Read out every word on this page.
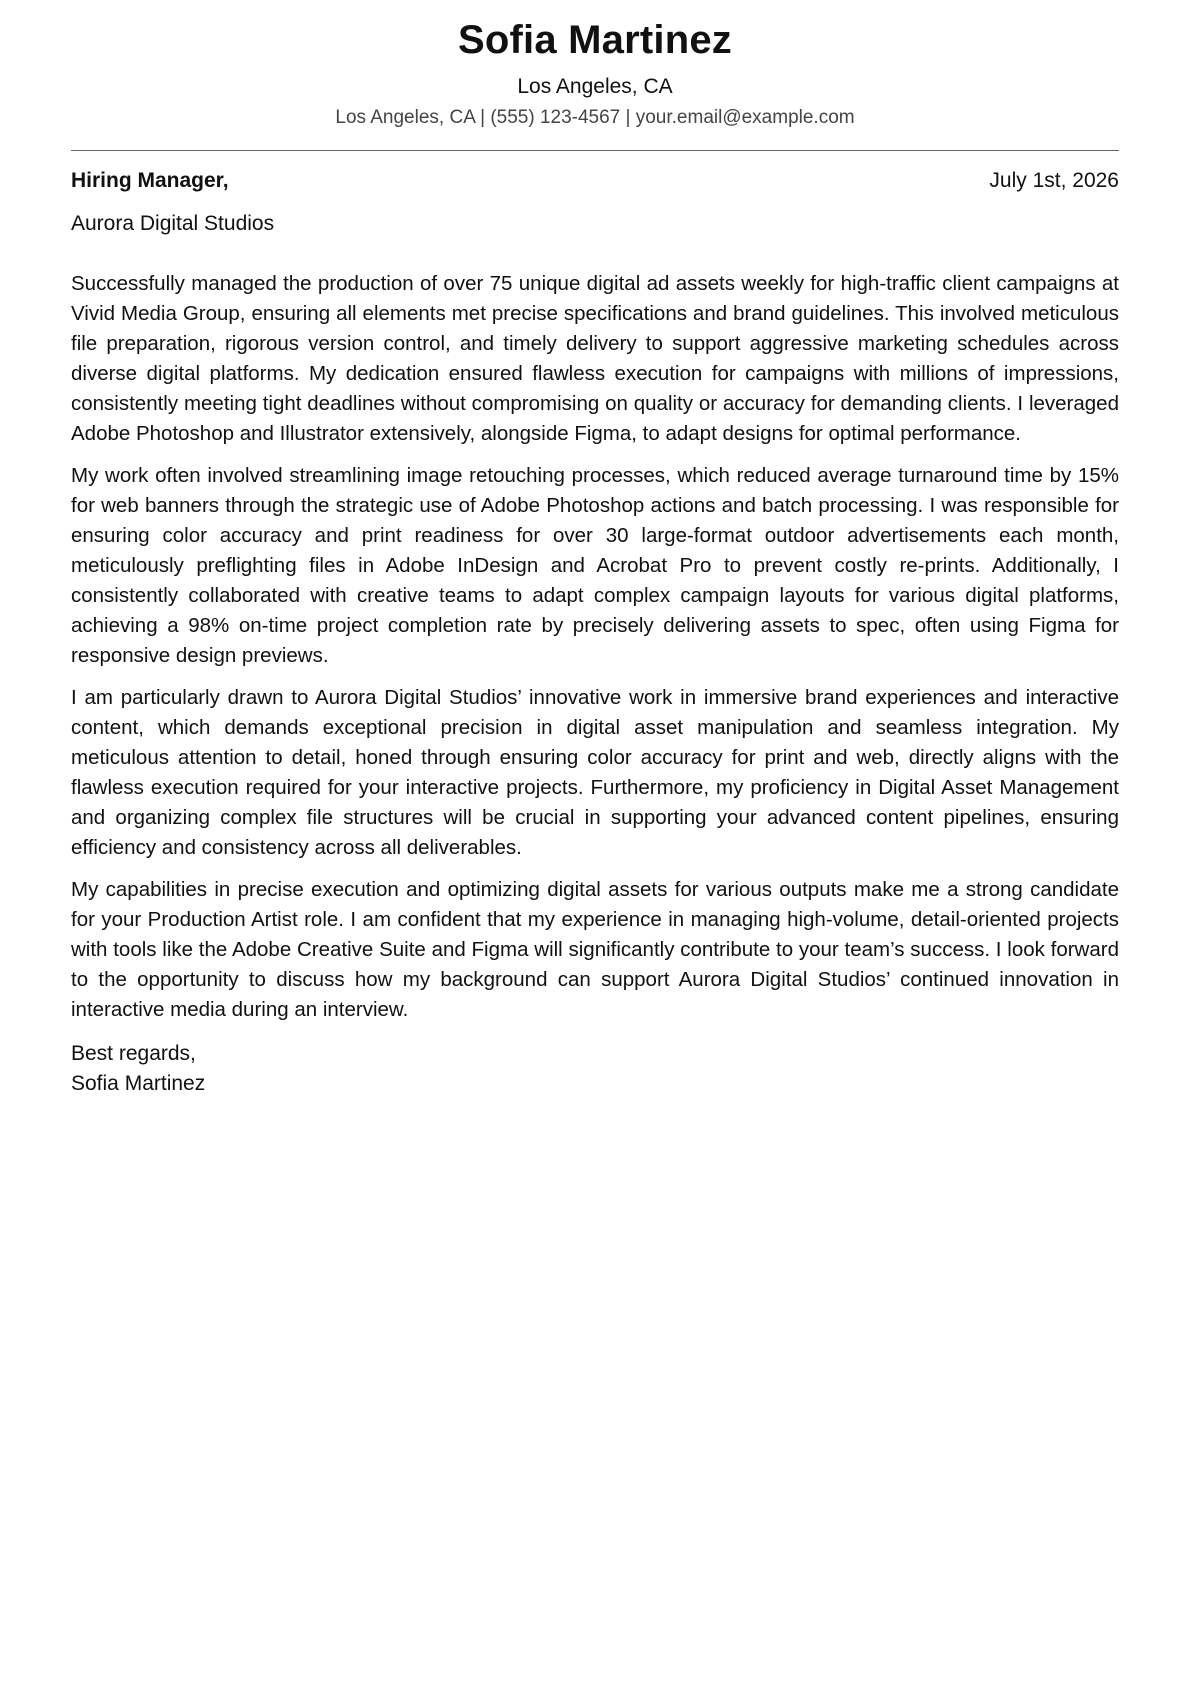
Sofia Martinez

Los Angeles, CA

Los Angeles, CA | (555) 123-4567 | your.email@example.com

Hiring Manager,	July 1st, 2026
Aurora Digital Studios

Successfully managed the production of over 75 unique digital ad assets weekly for high-traffic client campaigns at Vivid Media Group, ensuring all elements met precise specifications and brand guidelines. This involved meticulous file preparation, rigorous version control, and timely delivery to support aggressive marketing schedules across diverse digital platforms. My dedication ensured flawless execution for campaigns with millions of impressions, consistently meeting tight deadlines without compromising on quality or accuracy for demanding clients. I leveraged Adobe Photoshop and Illustrator extensively, alongside Figma, to adapt designs for optimal performance.

My work often involved streamlining image retouching processes, which reduced average turnaround time by 15% for web banners through the strategic use of Adobe Photoshop actions and batch processing. I was responsible for ensuring color accuracy and print readiness for over 30 large-format outdoor advertisements each month, meticulously preflighting files in Adobe InDesign and Acrobat Pro to prevent costly re-prints. Additionally, I consistently collaborated with creative teams to adapt complex campaign layouts for various digital platforms, achieving a 98% on-time project completion rate by precisely delivering assets to spec, often using Figma for responsive design previews.

I am particularly drawn to Aurora Digital Studios’ innovative work in immersive brand experiences and interactive content, which demands exceptional precision in digital asset manipulation and seamless integration. My meticulous attention to detail, honed through ensuring color accuracy for print and web, directly aligns with the flawless execution required for your interactive projects. Furthermore, my proficiency in Digital Asset Management and organizing complex file structures will be crucial in supporting your advanced content pipelines, ensuring efficiency and consistency across all deliverables.

My capabilities in precise execution and optimizing digital assets for various outputs make me a strong candidate for your Production Artist role. I am confident that my experience in managing high-volume, detail-oriented projects with tools like the Adobe Creative Suite and Figma will significantly contribute to your team’s success. I look forward to the opportunity to discuss how my background can support Aurora Digital Studios’ continued innovation in interactive media during an interview.

Best regards,
Sofia Martinez
